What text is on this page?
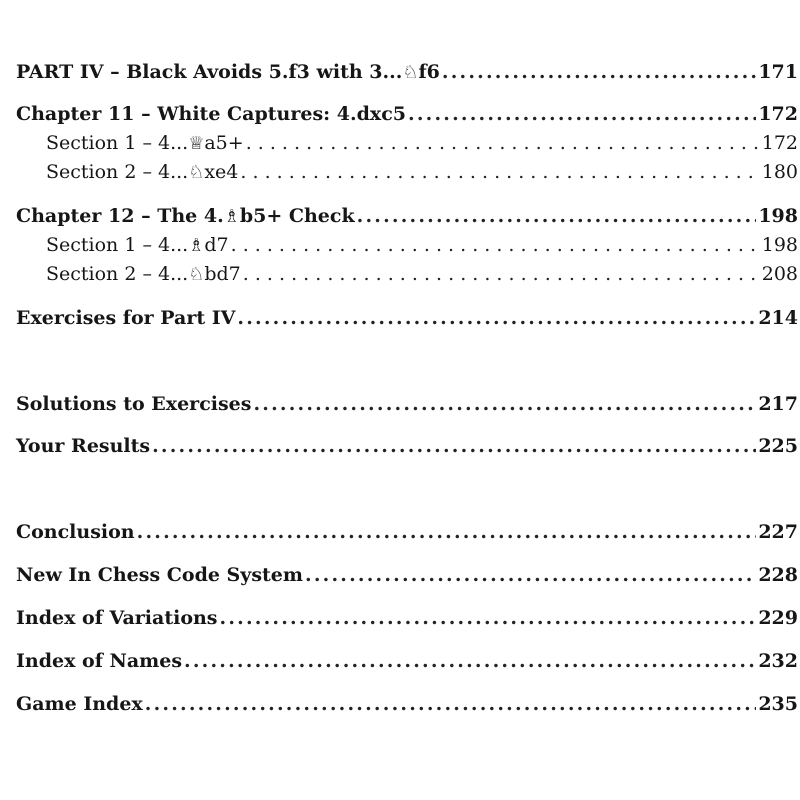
PART IV – Black Avoids 5.f3 with 3...♘f6 .....	171
Chapter 11 – White Captures: 4.dxc5 .....	172
Section 1 – 4...♕a5+ . . .	172
Section 2 – 4...♘xe4 . . .	180
Chapter 12 – The 4.♗b5+ Check .....	198
Section 1 – 4...♗d7 . . .	198
Section 2 – 4...♘bd7 . . .	208
Exercises for Part IV .....	214
Solutions to Exercises .....	217
Your Results .....	225
Conclusion .....	227
New In Chess Code System .....	228
Index of Variations .....	229
Index of Names .....	232
Game Index .....	235
